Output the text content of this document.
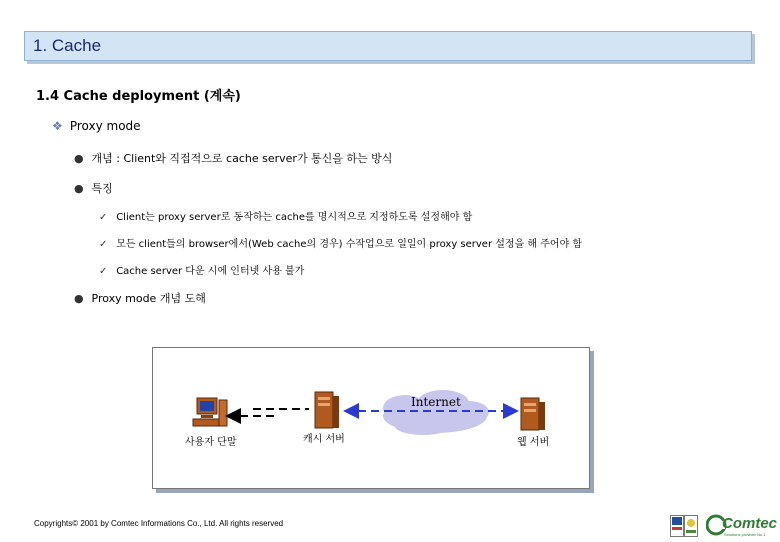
1. Cache
1.4 Cache deployment (계속)
❖ Proxy mode
● 개념 : Client와 직접적으로 cache server가 통신을 하는 방식
● 특징
✓ Client는 proxy server로 동작하는 cache를 명시적으로 지정하도록 설정해야 함
✓ 모든 client들의 browser에서(Web cache의 경우) 수작업으로 일일이 proxy server 설정을 해 주어야 함
✓ Cache server 다운 시에 인터넷 사용 불가
● Proxy mode 개념 도해
Internet
사용자 단말	캐시 서버	웹 서버
Copyrights© 2001 by Comtec Informations Co., Ltd. All rights reserved	Comtec
Solutions provider No.1
